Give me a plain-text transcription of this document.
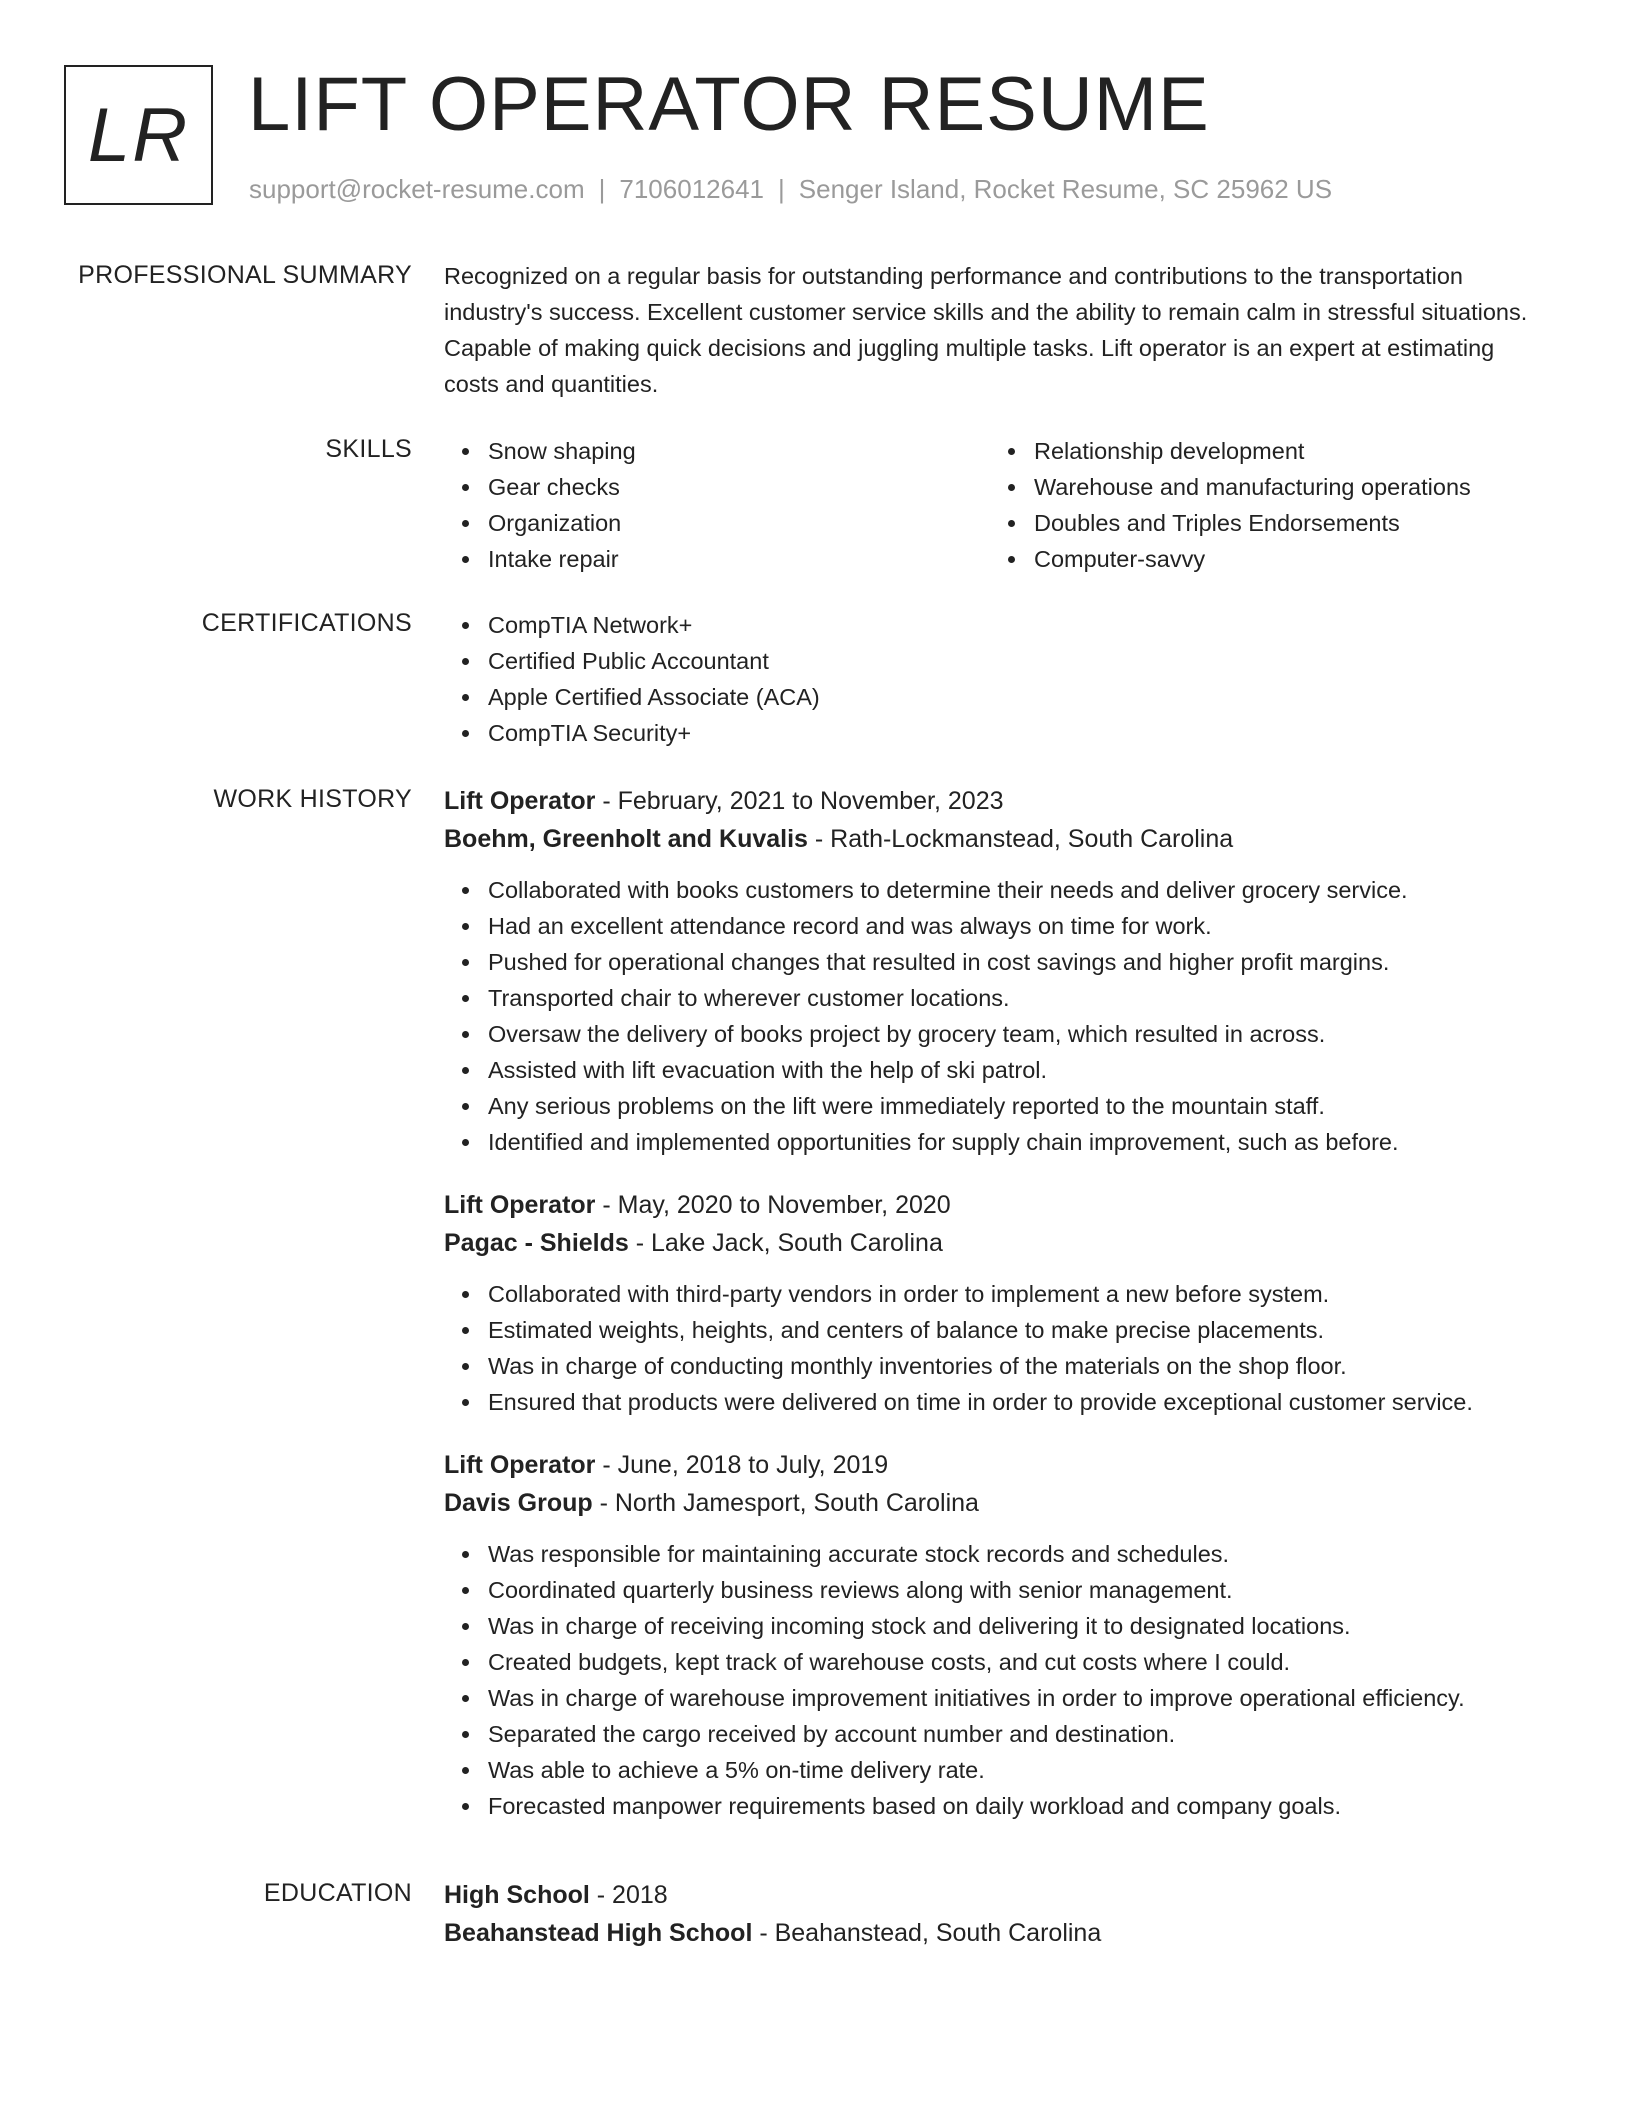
LR LIFT OPERATOR RESUME
support@rocket-resume.com | 7106012641 | Senger Island, Rocket Resume, SC 25962 US
PROFESSIONAL SUMMARY Recognized on a regular basis for outstanding performance and contributions to the transportation industry's success. Excellent customer service skills and the ability to remain calm in stressful situations. Capable of making quick decisions and juggling multiple tasks. Lift operator is an expert at estimating costs and quantities.

SKILLS	Snow shaping
Gear checks
Organization
Intake repair
Relationship development
Warehouse and manufacturing operations
Doubles and Triples Endorsements
Computer-savvy
CERTIFICATIONS	CompTIA Network+
Certified Public Accountant
Apple Certified Associate (ACA)
CompTIA Security+
WORK HISTORY Lift Operator - February, 2021 to November, 2023
Boehm, Greenholt and Kuvalis - Rath-Lockmanstead, South Carolina
Collaborated with books customers to determine their needs and deliver grocery service.
Had an excellent attendance record and was always on time for work.
Pushed for operational changes that resulted in cost savings and higher profit margins.
Transported chair to wherever customer locations.
Oversaw the delivery of books project by grocery team, which resulted in across.
Assisted with lift evacuation with the help of ski patrol.
Any serious problems on the lift were immediately reported to the mountain staff.
Identified and implemented opportunities for supply chain improvement, such as before.
Lift Operator - May, 2020 to November, 2020
Pagac - Shields - Lake Jack, South Carolina
Collaborated with third-party vendors in order to implement a new before system.
Estimated weights, heights, and centers of balance to make precise placements.
Was in charge of conducting monthly inventories of the materials on the shop floor.
Ensured that products were delivered on time in order to provide exceptional customer service.
Lift Operator - June, 2018 to July, 2019
Davis Group - North Jamesport, South Carolina
Was responsible for maintaining accurate stock records and schedules.
Coordinated quarterly business reviews along with senior management.
Was in charge of receiving incoming stock and delivering it to designated locations.
Created budgets, kept track of warehouse costs, and cut costs where I could.
Was in charge of warehouse improvement initiatives in order to improve operational efficiency.
Separated the cargo received by account number and destination.
Was able to achieve a 5% on-time delivery rate.
Forecasted manpower requirements based on daily workload and company goals.
EDUCATION High School - 2018
Beahanstead High School - Beahanstead, South Carolina
